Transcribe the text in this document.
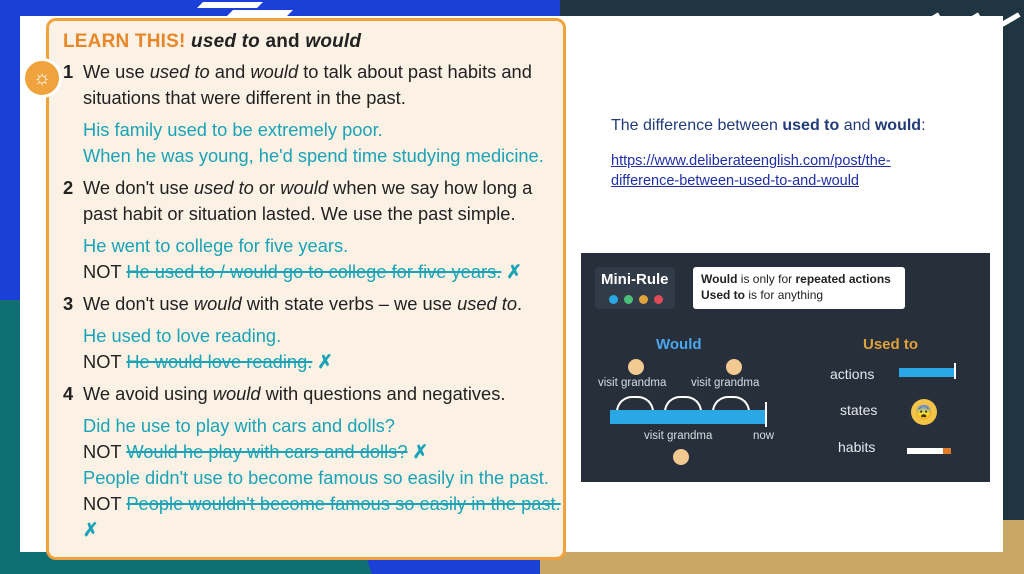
LEARN THIS! used to and would
1 We use used to and would to talk about past habits and situations that were different in the past.
His family used to be extremely poor.
When he was young, he'd spend time studying medicine.
2 We don't use used to or would when we say how long a past habit or situation lasted. We use the past simple.
He went to college for five years.
NOT He used to / would go to college for five years. ✗
3 We don't use would with state verbs – we use used to.
He used to love reading.
NOT He would love reading. ✗
4 We avoid using would with questions and negatives.
Did he use to play with cars and dolls?
NOT Would he play with cars and dolls? ✗
People didn't use to become famous so easily in the past.
NOT People wouldn't become famous so easily in the past. ✗
☼
The difference between used to and would:
https://www.deliberateenglish.com/post/the-difference-between-used-to-and-would
Mini-Rule	Would is only for repeated actions
Used to is for anything
Would	Used to
visit grandma visit grandma
visit grandma	now
actions
states	😨
habits
